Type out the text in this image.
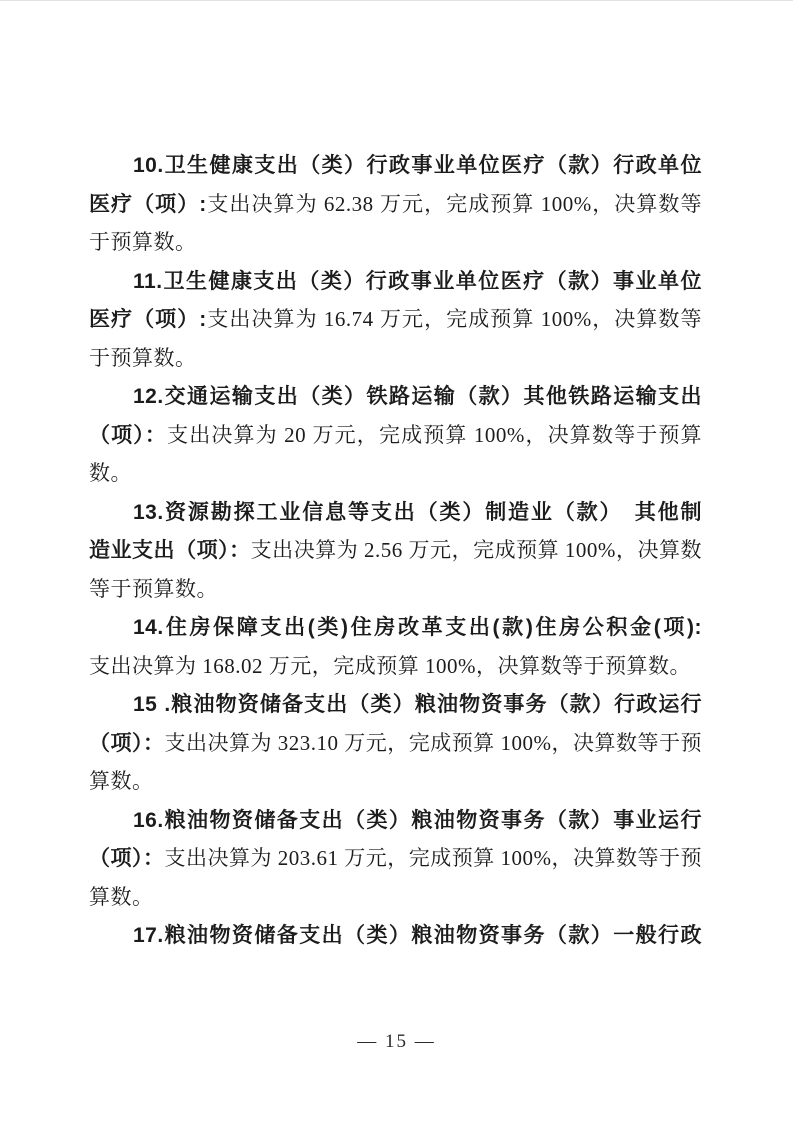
10.卫生健康支出（类）行政事业单位医疗（款）行政单位
医疗（项）:支出决算为 62.38 万元，完成预算 100%，决算数等
于预算数。
11.卫生健康支出（类）行政事业单位医疗（款）事业单位
医疗（项）:支出决算为 16.74 万元，完成预算 100%，决算数等
于预算数。
12.交通运输支出（类）铁路运输（款）其他铁路运输支出
（项）：支出决算为 20 万元，完成预算 100%，决算数等于预算
数。
13.资源勘探工业信息等支出（类）制造业（款）　其他制
造业支出（项）：支出决算为 2.56 万元，完成预算 100%，决算数
等于预算数。
14.住房保障支出(类)住房改革支出(款)住房公积金(项):
支出决算为 168.02 万元，完成预算 100%，决算数等于预算数。
15 .粮油物资储备支出（类）粮油物资事务（款）行政运行
（项）：支出决算为 323.10 万元，完成预算 100%，决算数等于预
算数。
16.粮油物资储备支出（类）粮油物资事务（款）事业运行
（项）：支出决算为 203.61 万元，完成预算 100%，决算数等于预
算数。
17.粮油物资储备支出（类）粮油物资事务（款）一般行政
— 15 —
